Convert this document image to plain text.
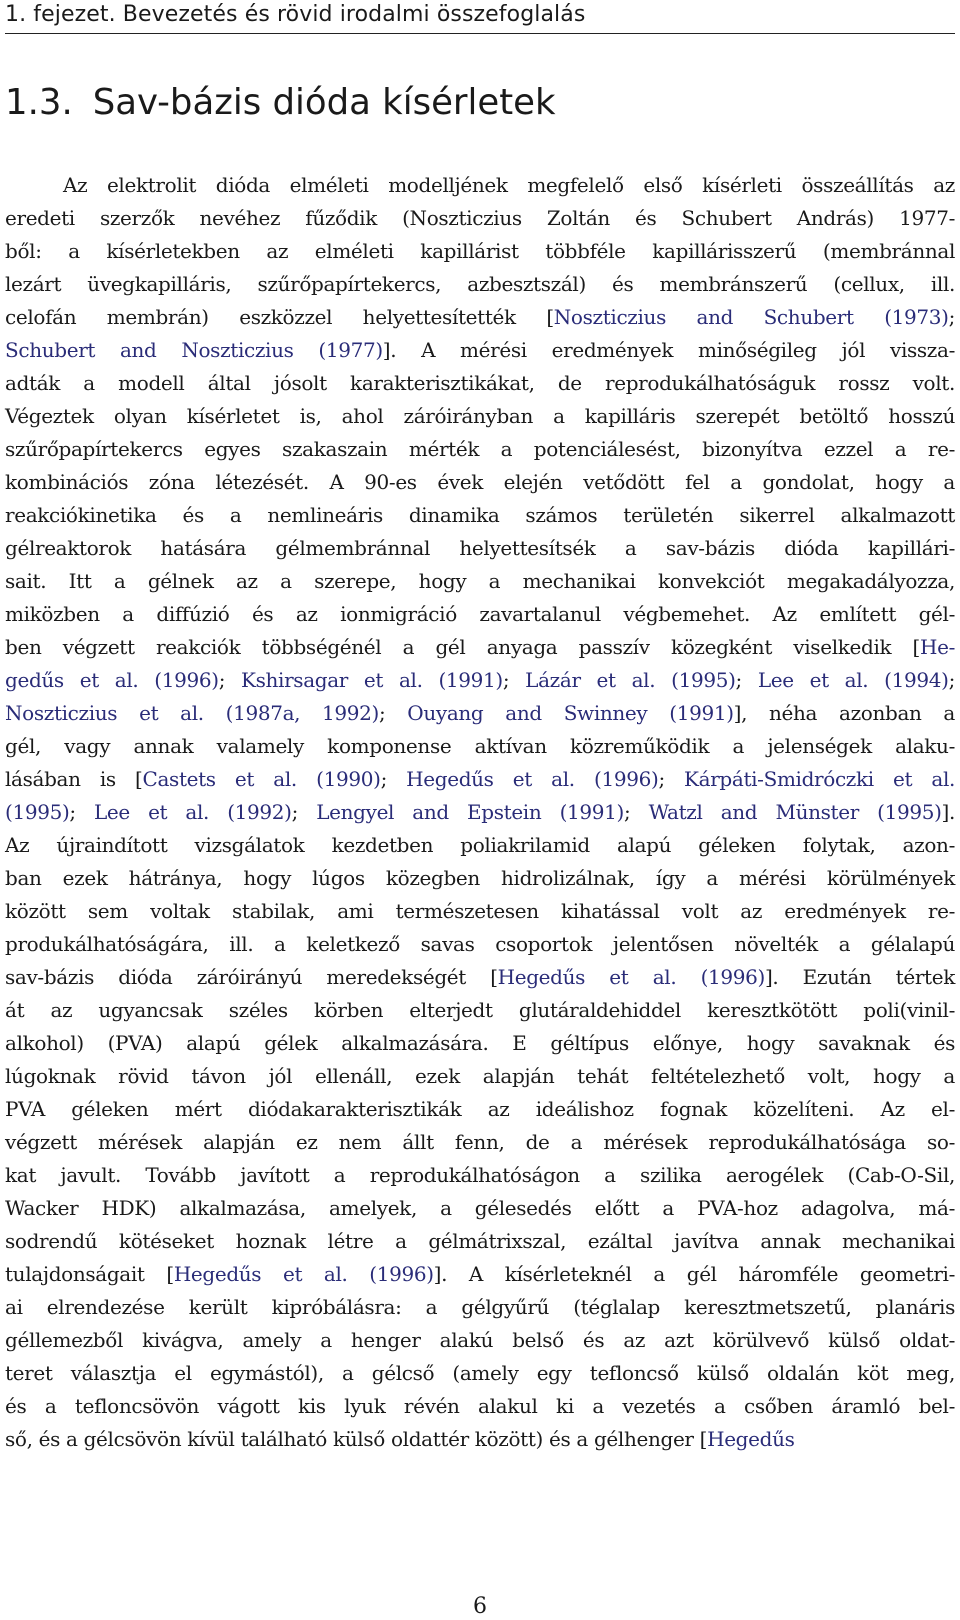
1. fejezet. Bevezetés és rövid irodalmi összefoglalás
1.3. Sav-bázis dióda kísérletek
Az elektrolit dióda elméleti modelljének megfelelő első kísérleti összeállítás az
eredeti szerzők nevéhez fűződik (Noszticzius Zoltán és Schubert András) 1977-
ből: a kísérletekben az elméleti kapillárist többféle kapillárisszerű (membránnal
lezárt üvegkapilláris, szűrőpapírtekercs, azbesztszál) és membránszerű (cellux, ill.
celofán membrán) eszközzel helyettesítették [Noszticzius and Schubert (1973);
Schubert and Noszticzius (1977)]. A mérési eredmények minőségileg jól vissza-
adták a modell által jósolt karakterisztikákat, de reprodukálhatóságuk rossz volt.
Végeztek olyan kísérletet is, ahol záróirányban a kapilláris szerepét betöltő hosszú
szűrőpapírtekercs egyes szakaszain mérték a potenciálesést, bizonyítva ezzel a re-
kombinációs zóna létezését. A 90-es évek elején vetődött fel a gondolat, hogy a
reakciókinetika és a nemlineáris dinamika számos területén sikerrel alkalmazott
gélreaktorok hatására gélmembránnal helyettesítsék a sav-bázis dióda kapillári-
sait. Itt a gélnek az a szerepe, hogy a mechanikai konvekciót megakadályozza,
miközben a diffúzió és az ionmigráció zavartalanul végbemehet. Az említett gél-
ben végzett reakciók többségénél a gél anyaga passzív közegként viselkedik [He-
gedűs et al. (1996); Kshirsagar et al. (1991); Lázár et al. (1995); Lee et al. (1994);
Noszticzius et al. (1987a, 1992); Ouyang and Swinney (1991)], néha azonban a
gél, vagy annak valamely komponense aktívan közreműködik a jelenségek alaku-
lásában is [Castets et al. (1990); Hegedűs et al. (1996); Kárpáti-Smidróczki et al.
(1995); Lee et al. (1992); Lengyel and Epstein (1991); Watzl and Münster (1995)].
Az újraindított vizsgálatok kezdetben poliakrilamid alapú géleken folytak, azon-
ban ezek hátránya, hogy lúgos közegben hidrolizálnak, így a mérési körülmények
között sem voltak stabilak, ami természetesen kihatással volt az eredmények re-
produkálhatóságára, ill. a keletkező savas csoportok jelentősen növelték a gélalapú
sav-bázis dióda záróirányú meredekségét [Hegedűs et al. (1996)]. Ezután tértek
át az ugyancsak széles körben elterjedt glutáraldehiddel keresztkötött poli(vinil-
alkohol) (PVA) alapú gélek alkalmazására. E géltípus előnye, hogy savaknak és
lúgoknak rövid távon jól ellenáll, ezek alapján tehát feltételezhető volt, hogy a
PVA géleken mért diódakarakterisztikák az ideálishoz fognak közelíteni. Az el-
végzett mérések alapján ez nem állt fenn, de a mérések reprodukálhatósága so-
kat javult. Tovább javított a reprodukálhatóságon a szilika aerogélek (Cab-O-Sil,
Wacker HDK) alkalmazása, amelyek, a gélesedés előtt a PVA-hoz adagolva, má-
sodrendű kötéseket hoznak létre a gélmátrixszal, ezáltal javítva annak mechanikai
tulajdonságait [Hegedűs et al. (1996)]. A kísérleteknél a gél háromféle geometri-
ai elrendezése került kipróbálásra: a gélgyűrű (téglalap keresztmetszetű, planáris
géllemezből kivágva, amely a henger alakú belső és az azt körülvevő külső oldat-
teret választja el egymástól), a gélcső (amely egy tefloncső külső oldalán köt meg,
és a tefloncsövön vágott kis lyuk révén alakul ki a vezetés a csőben áramló bel-
ső, és a gélcsövön kívül található külső oldattér között) és a gélhenger [Hegedűs
6
